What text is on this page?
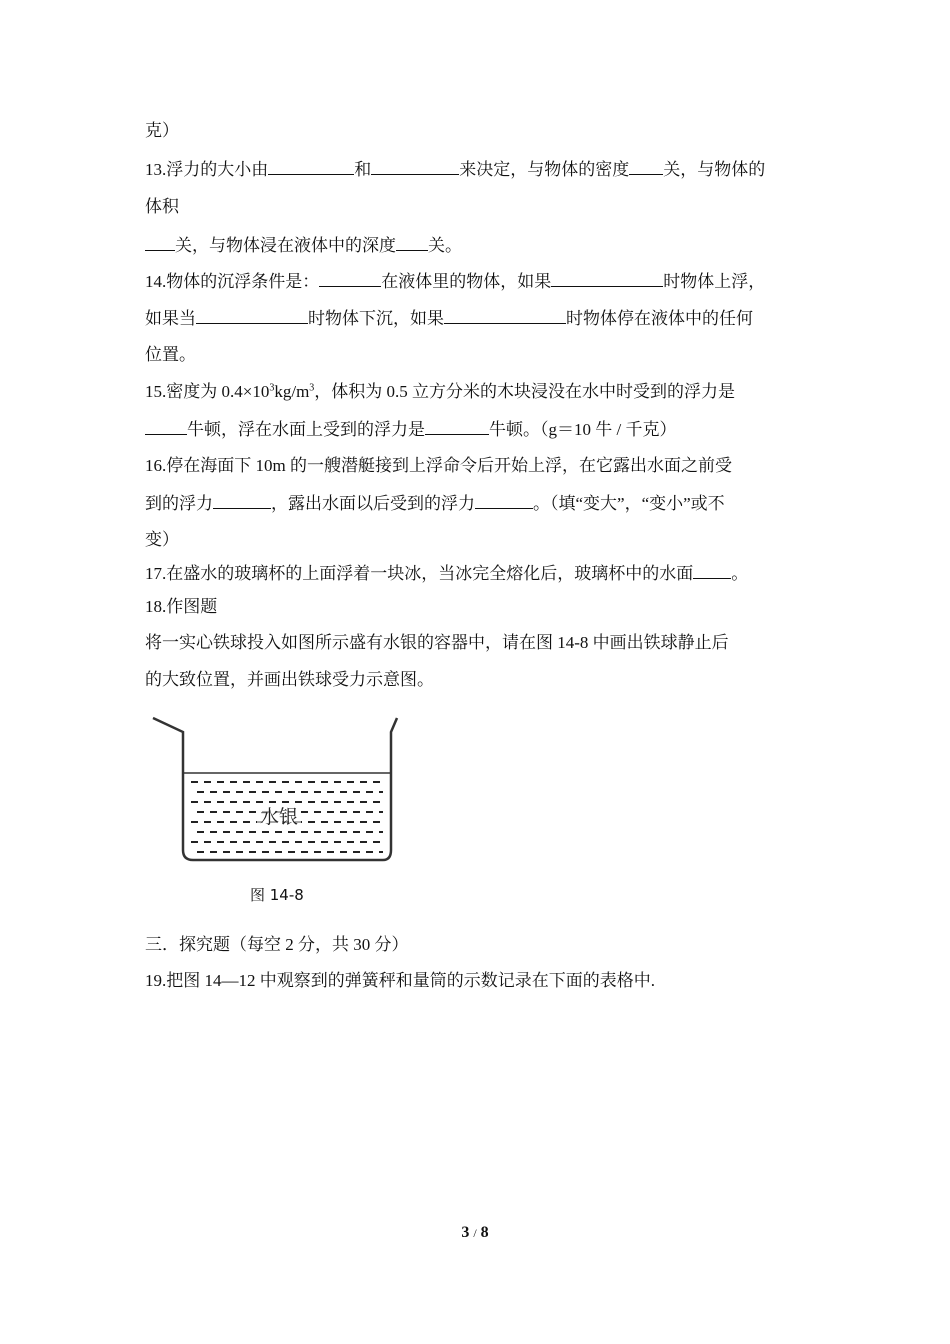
克）
13.浮力的大小由	和	来决定，与物体的密度 关，与物体的
体积
关，与物体浸在液体中的深度 关。
14.物体的沉浮条件是：	在液体里的物体，如果	时物体上浮，
如果当	时物体下沉，如果	时物体停在液体中的任何
位置。
15.密度为 $0.4\times 10^3kg/m^3$，体积为 0.5 立方分米的木块浸没在水中时受到的浮力是
牛顿，浮在水面上受到的浮力是	牛顿。（g＝10 牛 / 千克）
16.停在海面下 10m 的一艘潜艇接到上浮命令后开始上浮，在它露出水面之前受
到的浮力	，露出水面以后受到的浮力	。（填“变大”，“变小”或不
变）
17.在盛水的玻璃杯的上面浮着一块冰，当冰完全熔化后，玻璃杯中的水面 。
18.作图题
将一实心铁球投入如图所示盛有水银的容器中，请在图 14-8 中画出铁球静止后
的大致位置，并画出铁球受力示意图。
水银
图 14-8
三．探究题（每空 2 分，共 30 分）
19.把图 14—12 中观察到的弹簧秤和量筒的示数记录在下面的表格中.
3 / 8
